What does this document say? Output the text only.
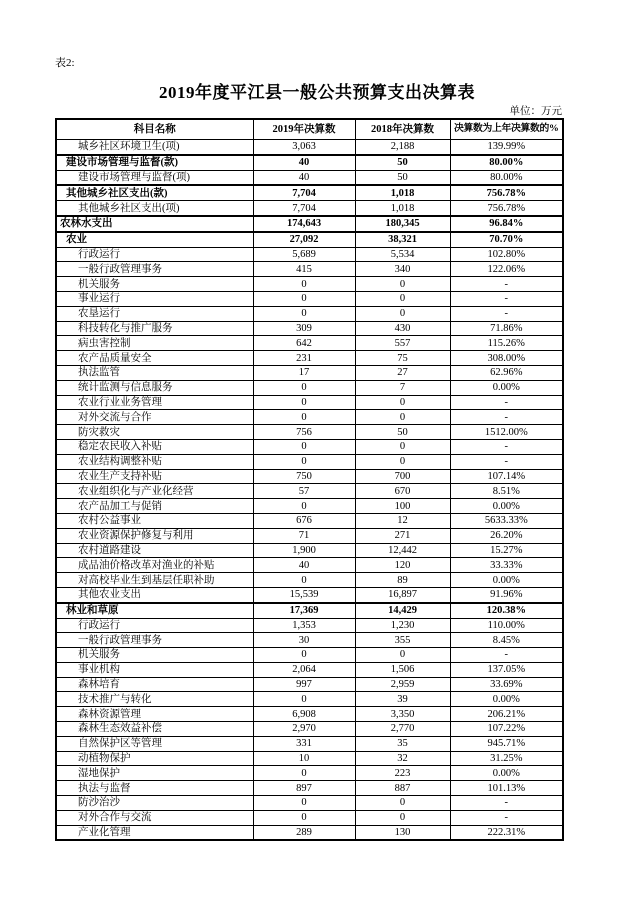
表2:
2019年度平江县一般公共预算支出决算表
单位：万元
科目名称	2019年决算数	2018年决算数	决算数为上年决算数的%
城乡社区环境卫生(项)	3,063	2,188	139.99%
建设市场管理与监督(款)	40	50	80.00%
建设市场管理与监督(项)	40	50	80.00%
其他城乡社区支出(款)	7,704	1,018	756.78%
其他城乡社区支出(项)	7,704	1,018	756.78%
农林水支出	174,643	180,345	96.84%
农业	27,092	38,321	70.70%
行政运行	5,689	5,534	102.80%
一般行政管理事务	415	340	122.06%
机关服务	0	0	-
事业运行	0	0	-
农垦运行	0	0	-
科技转化与推广服务	309	430	71.86%
病虫害控制	642	557	115.26%
农产品质量安全	231	75	308.00%
执法监管	17	27	62.96%
统计监测与信息服务	0	7	0.00%
农业行业业务管理	0	0	-
对外交流与合作	0	0	-
防灾救灾	756	50	1512.00%
稳定农民收入补贴	0	0	-
农业结构调整补贴	0	0	-
农业生产支持补贴	750	700	107.14%
农业组织化与产业化经营	57	670	8.51%
农产品加工与促销	0	100	0.00%
农村公益事业	676	12	5633.33%
农业资源保护修复与利用	71	271	26.20%
农村道路建设	1,900	12,442	15.27%
成品油价格改革对渔业的补贴	40	120	33.33%
对高校毕业生到基层任职补助	0	89	0.00%
其他农业支出	15,539	16,897	91.96%
林业和草原	17,369	14,429	120.38%
行政运行	1,353	1,230	110.00%
一般行政管理事务	30	355	8.45%
机关服务	0	0	-
事业机构	2,064	1,506	137.05%
森林培育	997	2,959	33.69%
技术推广与转化	0	39	0.00%
森林资源管理	6,908	3,350	206.21%
森林生态效益补偿	2,970	2,770	107.22%
自然保护区等管理	331	35	945.71%
动植物保护	10	32	31.25%
湿地保护	0	223	0.00%
执法与监督	897	887	101.13%
防沙治沙	0	0	-
对外合作与交流	0	0	-
产业化管理	289	130	222.31%
